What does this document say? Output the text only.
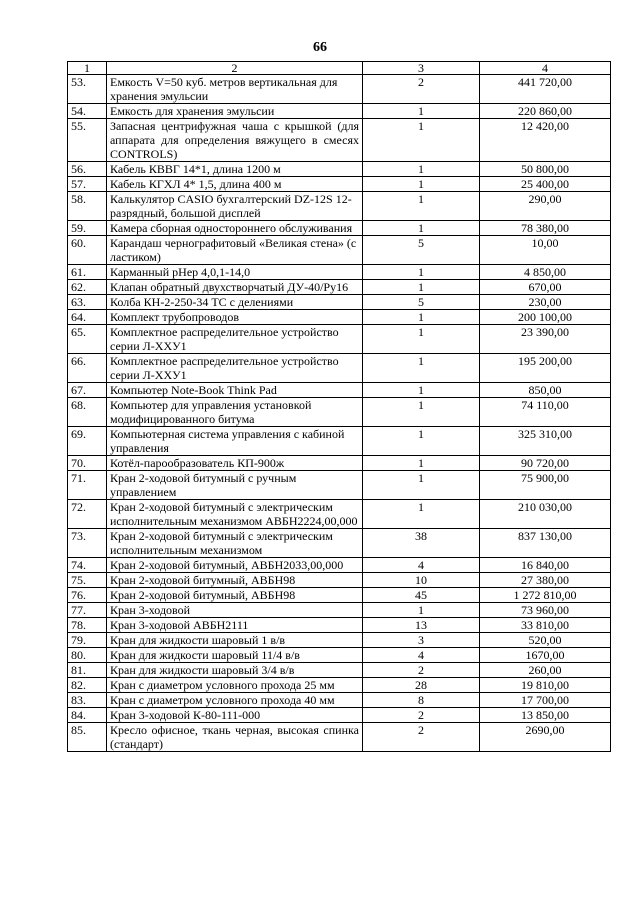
66
1	2	3	4
53.	Емкость V=50 куб. метров вертикальная для хранения эмульсии	2	441 720,00
54.	Емкость для хранения эмульсии	1	220 860,00
55.	Запасная центрифужная чаша с крышкой (для аппарата для определения вяжущего в смесях CONTROLS)	1	12 420,00
56.	Кабель КВВГ 14*1, длина 1200 м	1	50 800,00
57.	Кабель КГХЛ 4* 1,5, длина 400 м	1	25 400,00
58.	Калькулятор CASIO бухгалтерский DZ-12S 12-разрядный, большой дисплей	1	290,00
59.	Камера сборная одностороннего обслуживания	1	78 380,00
60.	Карандаш чернографитовый «Великая стена» (с ластиком)	5	10,00
61.	Карманный pHep 4,0,1-14,0	1	4 850,00
62.	Клапан обратный двухстворчатый ДУ-40/Ру16	1	670,00
63.	Колба КН-2-250-34 ТС с делениями	5	230,00
64.	Комплект трубопроводов	1	200 100,00
65.	Комплектное распределительное устройство серии Л-ХХУ1	1	23 390,00
66.	Комплектное распределительное устройство серии Л-ХХУ1	1	195 200,00
67.	Компьютер Note-Book Think Pad	1	850,00
68.	Компьютер для управления установкой модифицированного битума	1	74 110,00
69.	Компьютерная система управления с кабиной управления	1	325 310,00
70.	Котёл-парообразователь КП-900ж	1	90 720,00
71.	Кран 2-ходовой битумный с ручным управлением	1	75 900,00
72.	Кран 2-ходовой битумный с электрическим исполнительным механизмом АВБН2224,00,000	1	210 030,00
73.	Кран 2-ходовой битумный с электрическим исполнительным механизмом	38	837 130,00
74.	Кран 2-ходовой битумный, АВБН2033,00,000	4	16 840,00
75.	Кран 2-ходовой битумный, АВБН98	10	27 380,00
76.	Кран 2-ходовой битумный, АВБН98	45	1 272 810,00
77.	Кран 3-ходовой	1	73 960,00
78.	Кран 3-ходовой АВБН2111	13	33 810,00
79.	Кран для жидкости шаровый 1 в/в	3	520,00
80.	Кран для жидкости шаровый 11/4 в/в	4	1670,00
81.	Кран для жидкости шаровый 3/4 в/в	2	260,00
82.	Кран с диаметром условного прохода 25 мм	28	19 810,00
83.	Кран с диаметром условного прохода 40 мм	8	17 700,00
84.	Кран 3-ходовой К-80-111-000	2	13 850,00
85.	Кресло офисное, ткань черная, высокая спинка (стандарт)	2	2690,00
